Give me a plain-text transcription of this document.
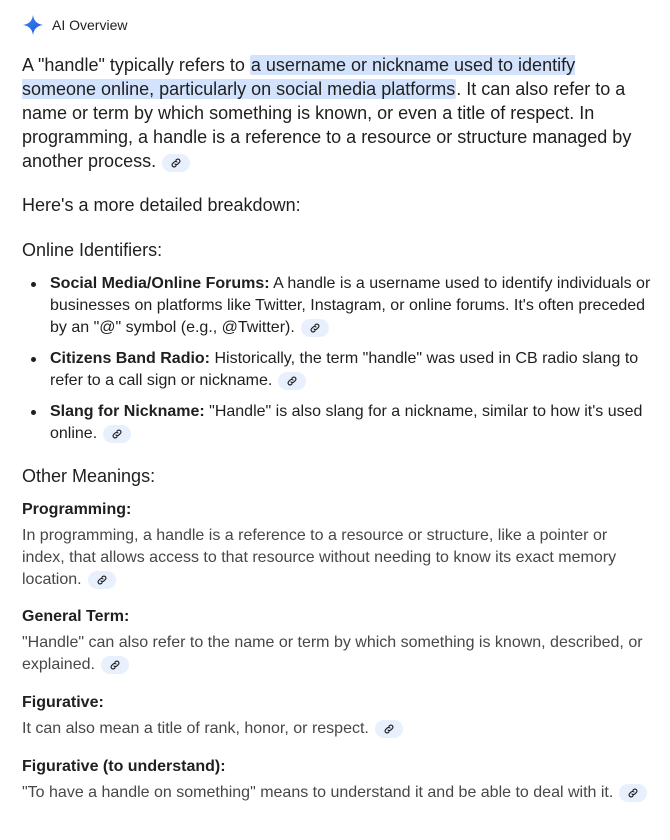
AI Overview
A "handle" typically refers to a username or nickname used to identify someone online, particularly on social media platforms. It can also refer to a name or term by which something is known, or even a title of respect. In programming, a handle is a reference to a resource or structure managed by another process.
Here's a more detailed breakdown:
Online Identifiers:
Social Media/Online Forums: A handle is a username used to identify individuals or businesses on platforms like Twitter, Instagram, or online forums. It's often preceded by an "@" symbol (e.g., @Twitter).
Citizens Band Radio: Historically, the term "handle" was used in CB radio slang to refer to a call sign or nickname.
Slang for Nickname: "Handle" is also slang for a nickname, similar to how it's used online.
Other Meanings:
Programming:
In programming, a handle is a reference to a resource or structure, like a pointer or index, that allows access to that resource without needing to know its exact memory location.
General Term:
"Handle" can also refer to the name or term by which something is known, described, or explained.
Figurative:
It can also mean a title of rank, honor, or respect.
Figurative (to understand):
"To have a handle on something" means to understand it and be able to deal with it.
